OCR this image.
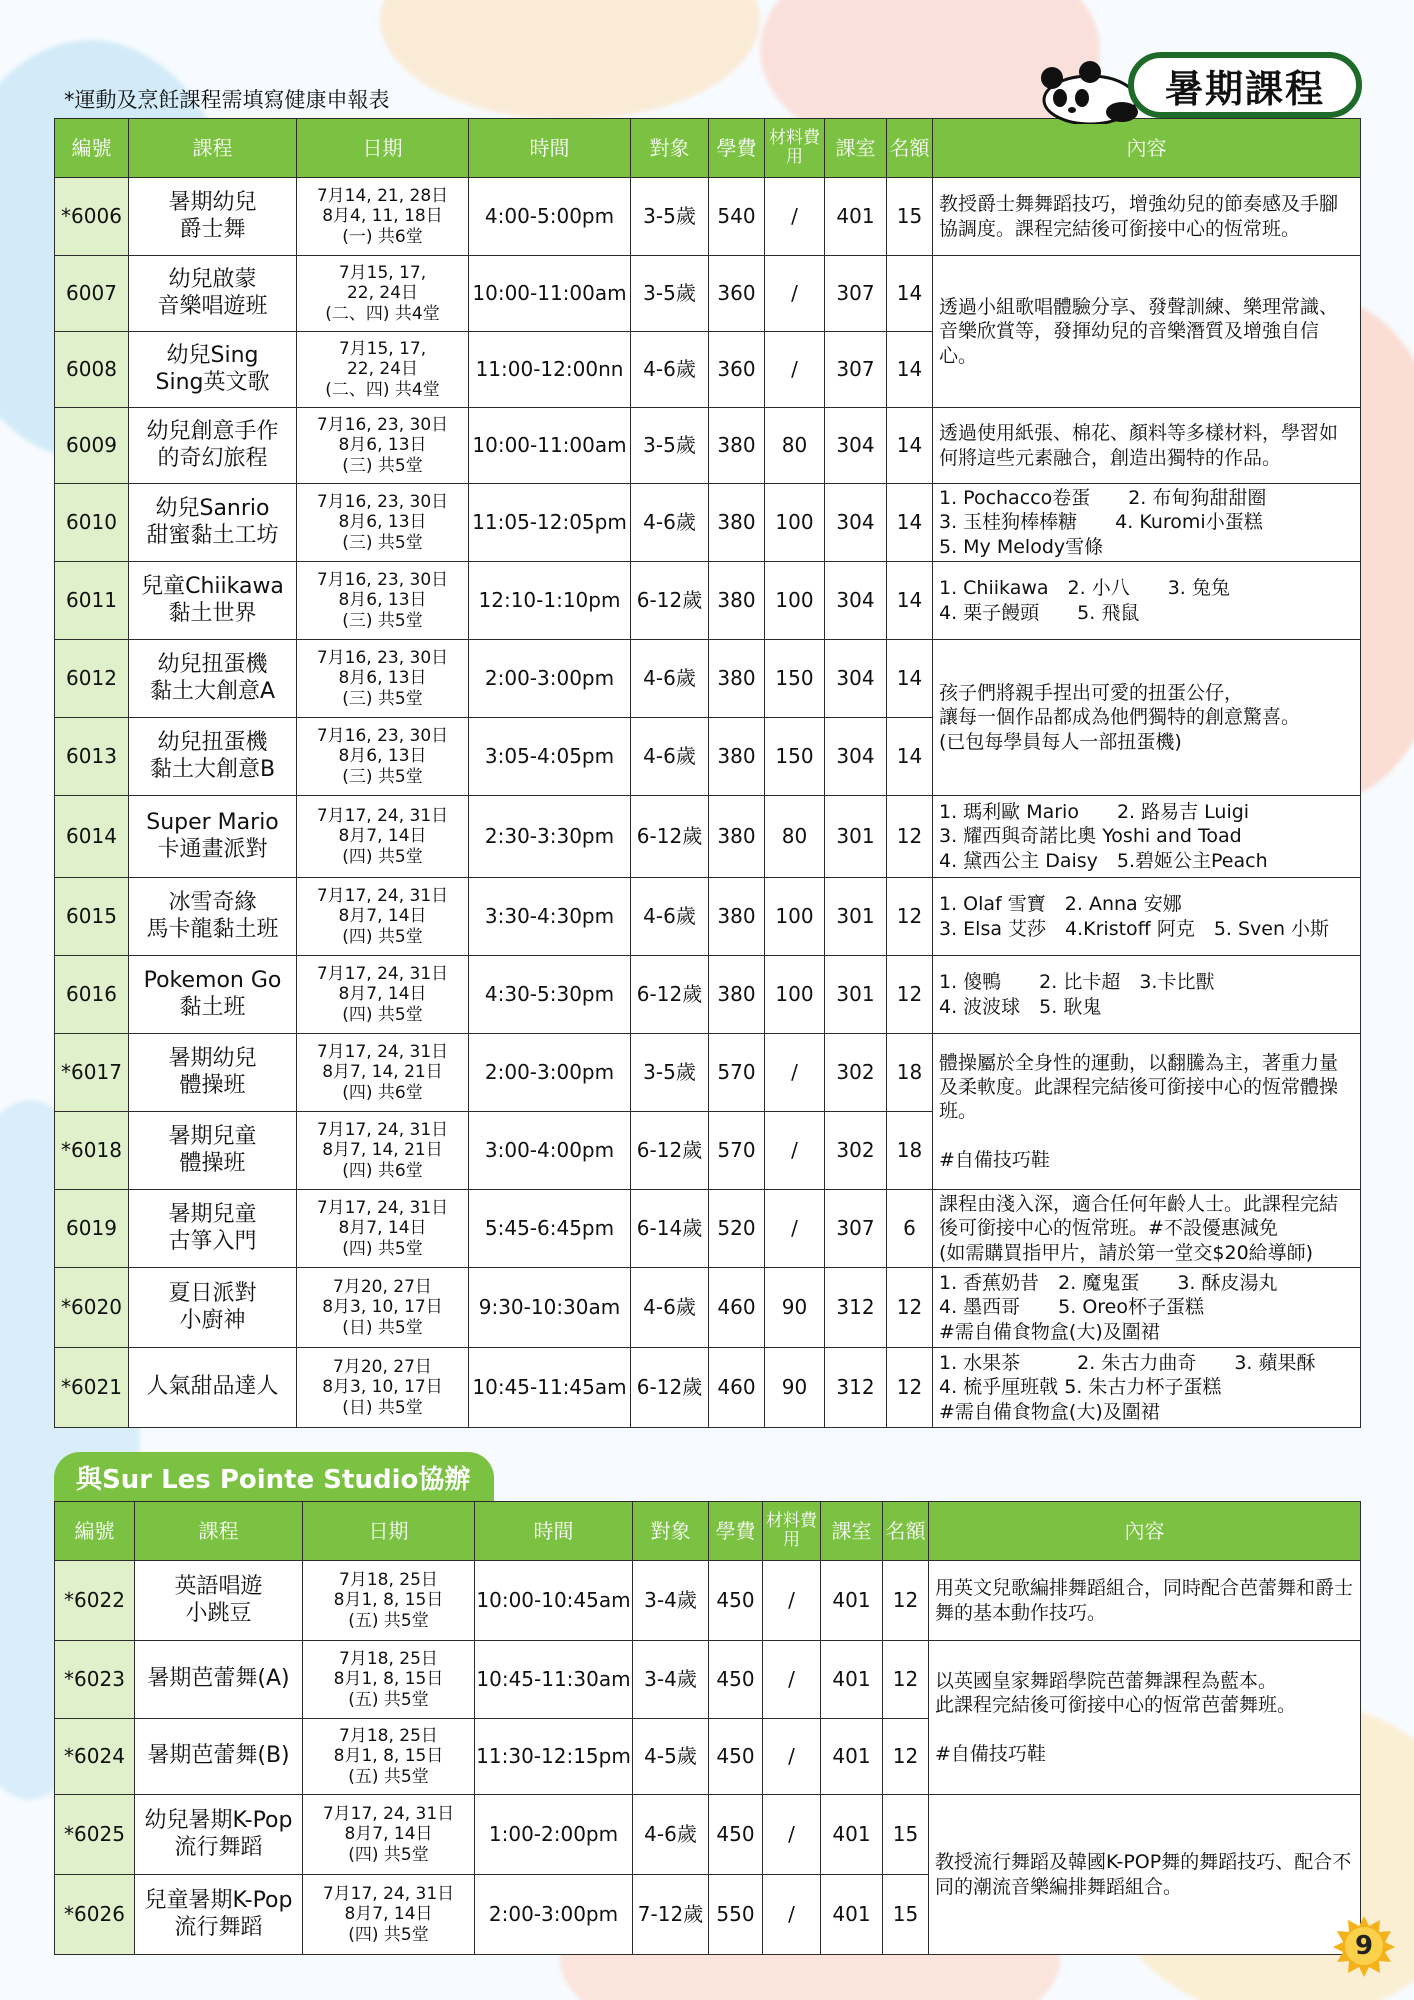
*運動及烹飪課程需填寫健康申報表	暑期課程
編號	課程	日期	時間	對象	學費	材料費用	課室	名額	內容
*6006	暑期幼兒
爵士舞	7月14, 21, 28日
8月4, 11, 18日
(一) 共6堂	4:00-5:00pm	3-5歲	540	/	401	15	教授爵士舞舞蹈技巧，增強幼兒的節奏感及手腳協調度。課程完結後可銜接中心的恆常班。
6007	幼兒啟蒙
音樂唱遊班	7月15, 17,
22, 24日
(二、四) 共4堂	10:00-11:00am	3-5歲	360	/	307	14	透過小組歌唱體驗分享、發聲訓練、樂理常識、音樂欣賞等，發揮幼兒的音樂潛質及增強自信心。
6008	幼兒Sing
Sing英文歌	7月15, 17,
22, 24日
(二、四) 共4堂	11:00-12:00nn	4-6歲	360	/	307	14	
6009	幼兒創意手作
的奇幻旅程	7月16, 23, 30日
8月6, 13日
(三) 共5堂	10:00-11:00am	3-5歲	380	80	304	14	透過使用紙張、棉花、顏料等多樣材料，學習如何將這些元素融合，創造出獨特的作品。
6010	幼兒Sanrio
甜蜜黏土工坊	7月16, 23, 30日
8月6, 13日
(三) 共5堂	11:05-12:05pm	4-6歲	380	100	304	14	1. Pochacco卷蛋　　2. 布甸狗甜甜圈
3. 玉桂狗棒棒糖　　4. Kuromi小蛋糕
5. My Melody雪條
6011	兒童Chiikawa
黏土世界	7月16, 23, 30日
8月6, 13日
(三) 共5堂	12:10-1:10pm	6-12歲	380	100	304	14	1. Chiikawa　2. 小八　　3. 兔兔
4. 栗子饅頭　　5. 飛鼠
6012	幼兒扭蛋機
黏土大創意A	7月16, 23, 30日
8月6, 13日
(三) 共5堂	2:00-3:00pm	4-6歲	380	150	304	14	孩子們將親手捏出可愛的扭蛋公仔，
讓每一個作品都成為他們獨特的創意驚喜。
(已包每學員每人一部扭蛋機)
6013	幼兒扭蛋機
黏土大創意B	7月16, 23, 30日
8月6, 13日
(三) 共5堂	3:05-4:05pm	4-6歲	380	150	304	14	
6014	Super Mario
卡通畫派對	7月17, 24, 31日
8月7, 14日
(四) 共5堂	2:30-3:30pm	6-12歲	380	80	301	12	1. 瑪利歐 Mario　　2. 路易吉 Luigi
3. 耀西與奇諾比奧 Yoshi and Toad
4. 黛西公主 Daisy　5.碧姬公主Peach
6015	冰雪奇緣
馬卡龍黏土班	7月17, 24, 31日
8月7, 14日
(四) 共5堂	3:30-4:30pm	4-6歲	380	100	301	12	1. Olaf 雪寶　2. Anna 安娜
3. Elsa 艾莎　4.Kristoff 阿克　5. Sven 小斯
6016	Pokemon Go
黏土班	7月17, 24, 31日
8月7, 14日
(四) 共5堂	4:30-5:30pm	6-12歲	380	100	301	12	1. 傻鴨　　2. 比卡超　3.卡比獸
4. 波波球　5. 耿鬼
*6017	暑期幼兒
體操班	7月17, 24, 31日
8月7, 14, 21日
(四) 共6堂	2:00-3:00pm	3-5歲	570	/	302	18	體操屬於全身性的運動，以翻騰為主，著重力量及柔軟度。此課程完結後可銜接中心的恆常體操班。

#自備技巧鞋
*6018	暑期兒童
體操班	7月17, 24, 31日
8月7, 14, 21日
(四) 共6堂	3:00-4:00pm	6-12歲	570	/	302	18	
6019	暑期兒童
古箏入門	7月17, 24, 31日
8月7, 14日
(四) 共5堂	5:45-6:45pm	6-14歲	520	/	307	6	課程由淺入深，適合任何年齡人士。此課程完結後可銜接中心的恆常班。#不設優惠減免
(如需購買指甲片，請於第一堂交$20給導師)
*6020	夏日派對
小廚神	7月20, 27日
8月3, 10, 17日
(日) 共5堂	9:30-10:30am	4-6歲	460	90	312	12	1. 香蕉奶昔　2. 魔鬼蛋　　3. 酥皮湯丸
4. 墨西哥　　5. Oreo杯子蛋糕
#需自備食物盒(大)及圍裙
*6021	人氣甜品達人	7月20, 27日
8月3, 10, 17日
(日) 共5堂	10:45-11:45am	6-12歲	460	90	312	12	1. 水果茶　　　2. 朱古力曲奇　　3. 蘋果酥
4. 梳乎厘班戟 5. 朱古力杯子蛋糕
#需自備食物盒(大)及圍裙
與Sur Les Pointe Studio協辦
編號	課程	日期	時間	對象	學費	材料費用	課室	名額	內容
*6022	英語唱遊
小跳豆	7月18, 25日
8月1, 8, 15日
(五) 共5堂	10:00-10:45am	3-4歲	450	/	401	12	用英文兒歌編排舞蹈組合，同時配合芭蕾舞和爵士舞的基本動作技巧。
*6023	暑期芭蕾舞(A)	7月18, 25日
8月1, 8, 15日
(五) 共5堂	10:45-11:30am	3-4歲	450	/	401	12	以英國皇家舞蹈學院芭蕾舞課程為藍本。
此課程完結後可銜接中心的恆常芭蕾舞班。

#自備技巧鞋
*6024	暑期芭蕾舞(B)	7月18, 25日
8月1, 8, 15日
(五) 共5堂	11:30-12:15pm	4-5歲	450	/	401	12	
*6025	幼兒暑期K-Pop
流行舞蹈	7月17, 24, 31日
8月7, 14日
(四) 共5堂	1:00-2:00pm	4-6歲	450	/	401	15	教授流行舞蹈及韓國K-POP舞的舞蹈技巧、配合不同的潮流音樂編排舞蹈組合。
*6026	兒童暑期K-Pop
流行舞蹈	7月17, 24, 31日
8月7, 14日
(四) 共5堂	2:00-3:00pm	7-12歲	550	/	401	15	
9
